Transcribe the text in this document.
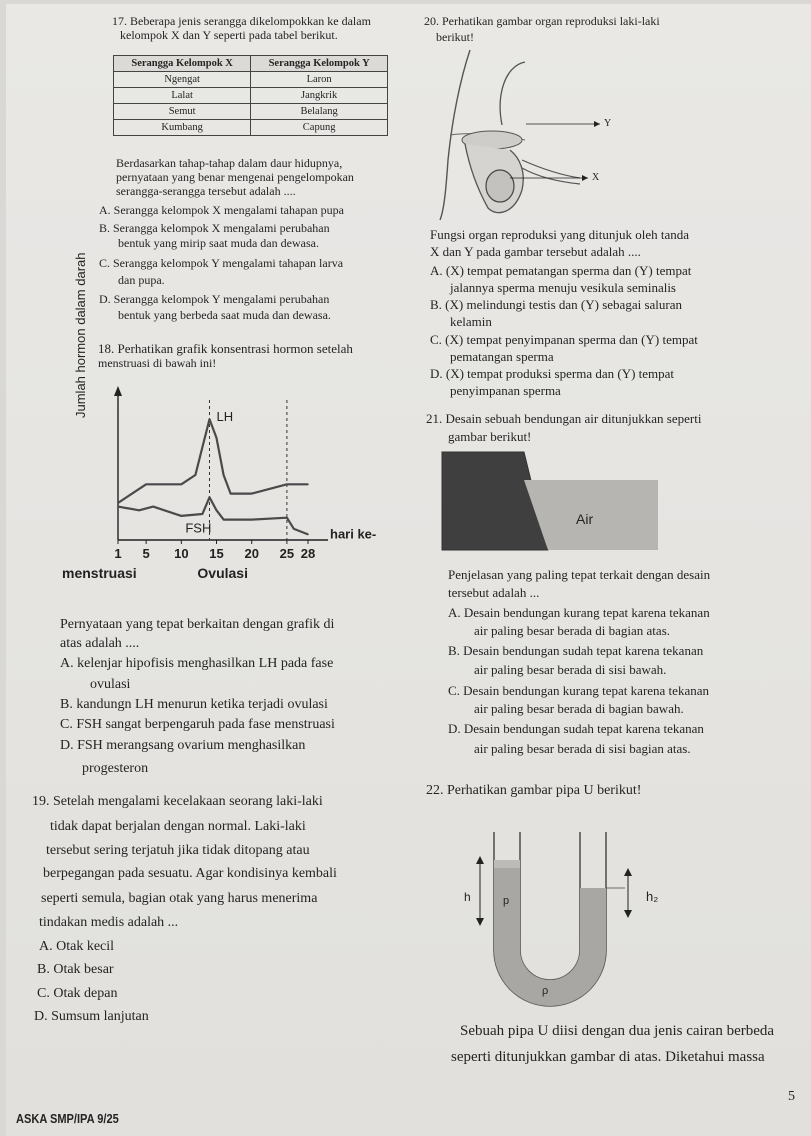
17. Beberapa jenis serangga dikelompokkan ke dalam
kelompok X dan Y seperti pada tabel berikut.
Serangga Kelompok X	Serangga Kelompok Y
Ngengat	Laron
Lalat	Jangkrik
Semut	Belalang
Kumbang	Capung
Berdasarkan tahap-tahap dalam daur hidupnya,
pernyataan yang benar mengenai pengelompokan
serangga-serangga tersebut adalah ....
A. Serangga kelompok X mengalami tahapan pupa
B. Serangga kelompok X mengalami perubahan
bentuk yang mirip saat muda dan dewasa.
C. Serangga kelompok Y mengalami tahapan larva
dan pupa.
D. Serangga kelompok Y mengalami perubahan
bentuk yang berbeda saat muda dan dewasa.
18. Perhatikan grafik konsentrasi hormon setelah
menstruasi di bawah ini!
1 5 10 15 20 25 28
LH
FSH	hari ke-
menstruasi	Ovulasi
Jumlah hormon dalam darah
Pernyataan yang tepat berkaitan dengan grafik di
atas adalah ....
A. kelenjar hipofisis menghasilkan LH pada fase
ovulasi
B. kandungn LH menurun ketika terjadi ovulasi
C. FSH sangat berpengaruh pada fase menstruasi
D. FSH merangsang ovarium menghasilkan
progesteron
19. Setelah mengalami kecelakaan seorang laki-laki
tidak dapat berjalan dengan normal. Laki-laki
tersebut sering terjatuh jika tidak ditopang atau
berpegangan pada sesuatu. Agar kondisinya kembali
seperti semula, bagian otak yang harus menerima
tindakan medis adalah ...
A. Otak kecil
B. Otak besar
C. Otak depan
D. Sumsum lanjutan
20. Perhatikan gambar organ reproduksi laki-laki
berikut!
Y
X
Fungsi organ reproduksi yang ditunjuk oleh tanda
X dan Y pada gambar tersebut adalah ....
A. (X) tempat pematangan sperma dan (Y) tempat
jalannya sperma menuju vesikula seminalis
B. (X) melindungi testis dan (Y) sebagai saluran
kelamin
C. (X) tempat penyimpanan sperma dan (Y) tempat
pematangan sperma
D. (X) tempat produksi sperma dan (Y) tempat
penyimpanan sperma
21. Desain sebuah bendungan air ditunjukkan seperti
gambar berikut!
Air
Penjelasan yang paling tepat terkait dengan desain
tersebut adalah ...
A. Desain bendungan kurang tepat karena tekanan
air paling besar berada di bagian atas.
B. Desain bendungan sudah tepat karena tekanan
air paling besar berada di sisi bawah.
C. Desain bendungan kurang tepat karena tekanan
air paling besar berada di bagian bawah.
D. Desain bendungan sudah tepat karena tekanan
air paling besar berada di sisi bagian atas.
22. Perhatikan gambar pipa U berikut!
h	p	h₂
ρ
Sebuah pipa U diisi dengan dua jenis cairan berbeda
seperti ditunjukkan gambar di atas. Diketahui massa
5
ASKA SMP/IPA 9/25
